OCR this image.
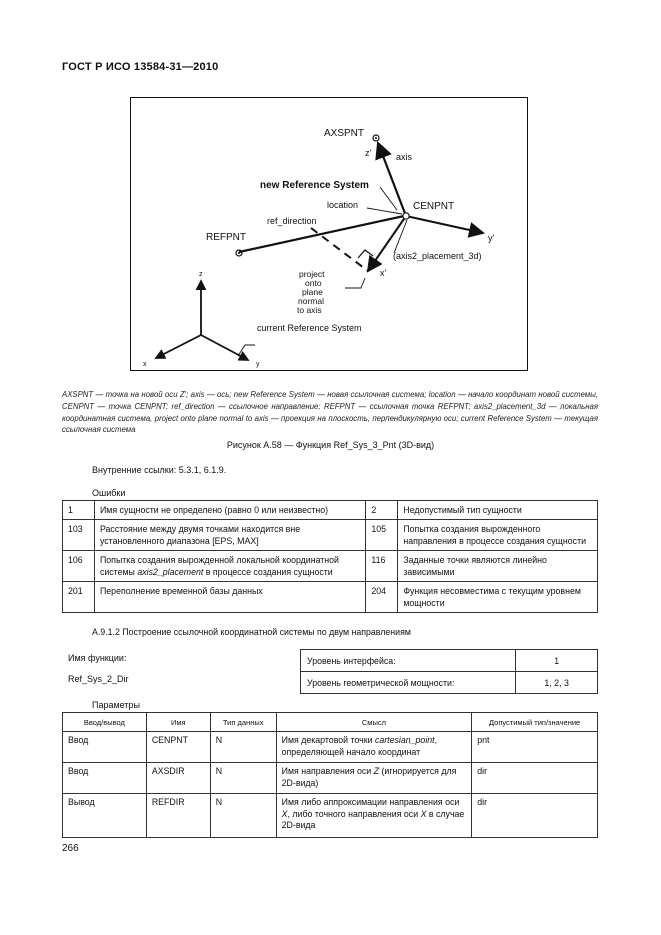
ГОСТ Р ИСО 13584-31—2010
AXSPNT
z'	axis
new Reference System
location	CENPNT
ref_direction
REFPNT	y'
(axis2_placement_3d)
x'
project
onto
plane
normal
to axis
z
current Reference System
x	y
AXSPNT — точка на новой оси Z'; axis — ось; new Reference System — новая ссылочная система; location — начало координат новой системы, CENPNT — точка CENPNT; ref_direction — ссылочное направление; REFPNT — ссылочная точка REFPNT; axis2_placement_3d — локальная координатная система, project onto plane normal to axis — проекция на плоскость, перпендикулярную оси; current Reference System — текущая ссылочная система
Рисунок А.58 — Функция Ref_Sys_3_Pnt (3D-вид)
Внутренние ссылки: 5.3.1, 6.1.9.
Ошибки
1	Имя сущности не определено (равно 0 или неизвестно)	2	Недопустимый тип сущности
103	Расстояние между двумя точками находится вне установленного диапазона [EPS, MAX]	105	Попытка создания вырожденного направления в процессе создания сущности
106	Попытка создания вырожденной локальной координатной системы axis2_placement в процессе создания сущности	116	Заданные точки являются линейно зависимыми
201	Переполнение временной базы данных	204	Функция несовместима с текущим уровнем мощности
А.9.1.2 Построение ссылочной координатной системы по двум направлениям
Имя функции:
Ref_Sys_2_Dir
Уровень интерфейса:	1
Уровень геометрической мощности:	1, 2, 3
Параметры
Ввод/вывод	Имя	Тип данных	Смысл	Допустимый тип/значение
Ввод	CENPNT	N	Имя декартовой точки cartesian_point, определяющей начало координат	pnt
Ввод	AXSDIR	N	Имя направления оси Z (игнорируется для 2D-вида)	dir
Вывод	REFDIR	N	Имя либо аппроксимации направления оси X, либо точного направления оси X в случае 2D-вида	dir
266
